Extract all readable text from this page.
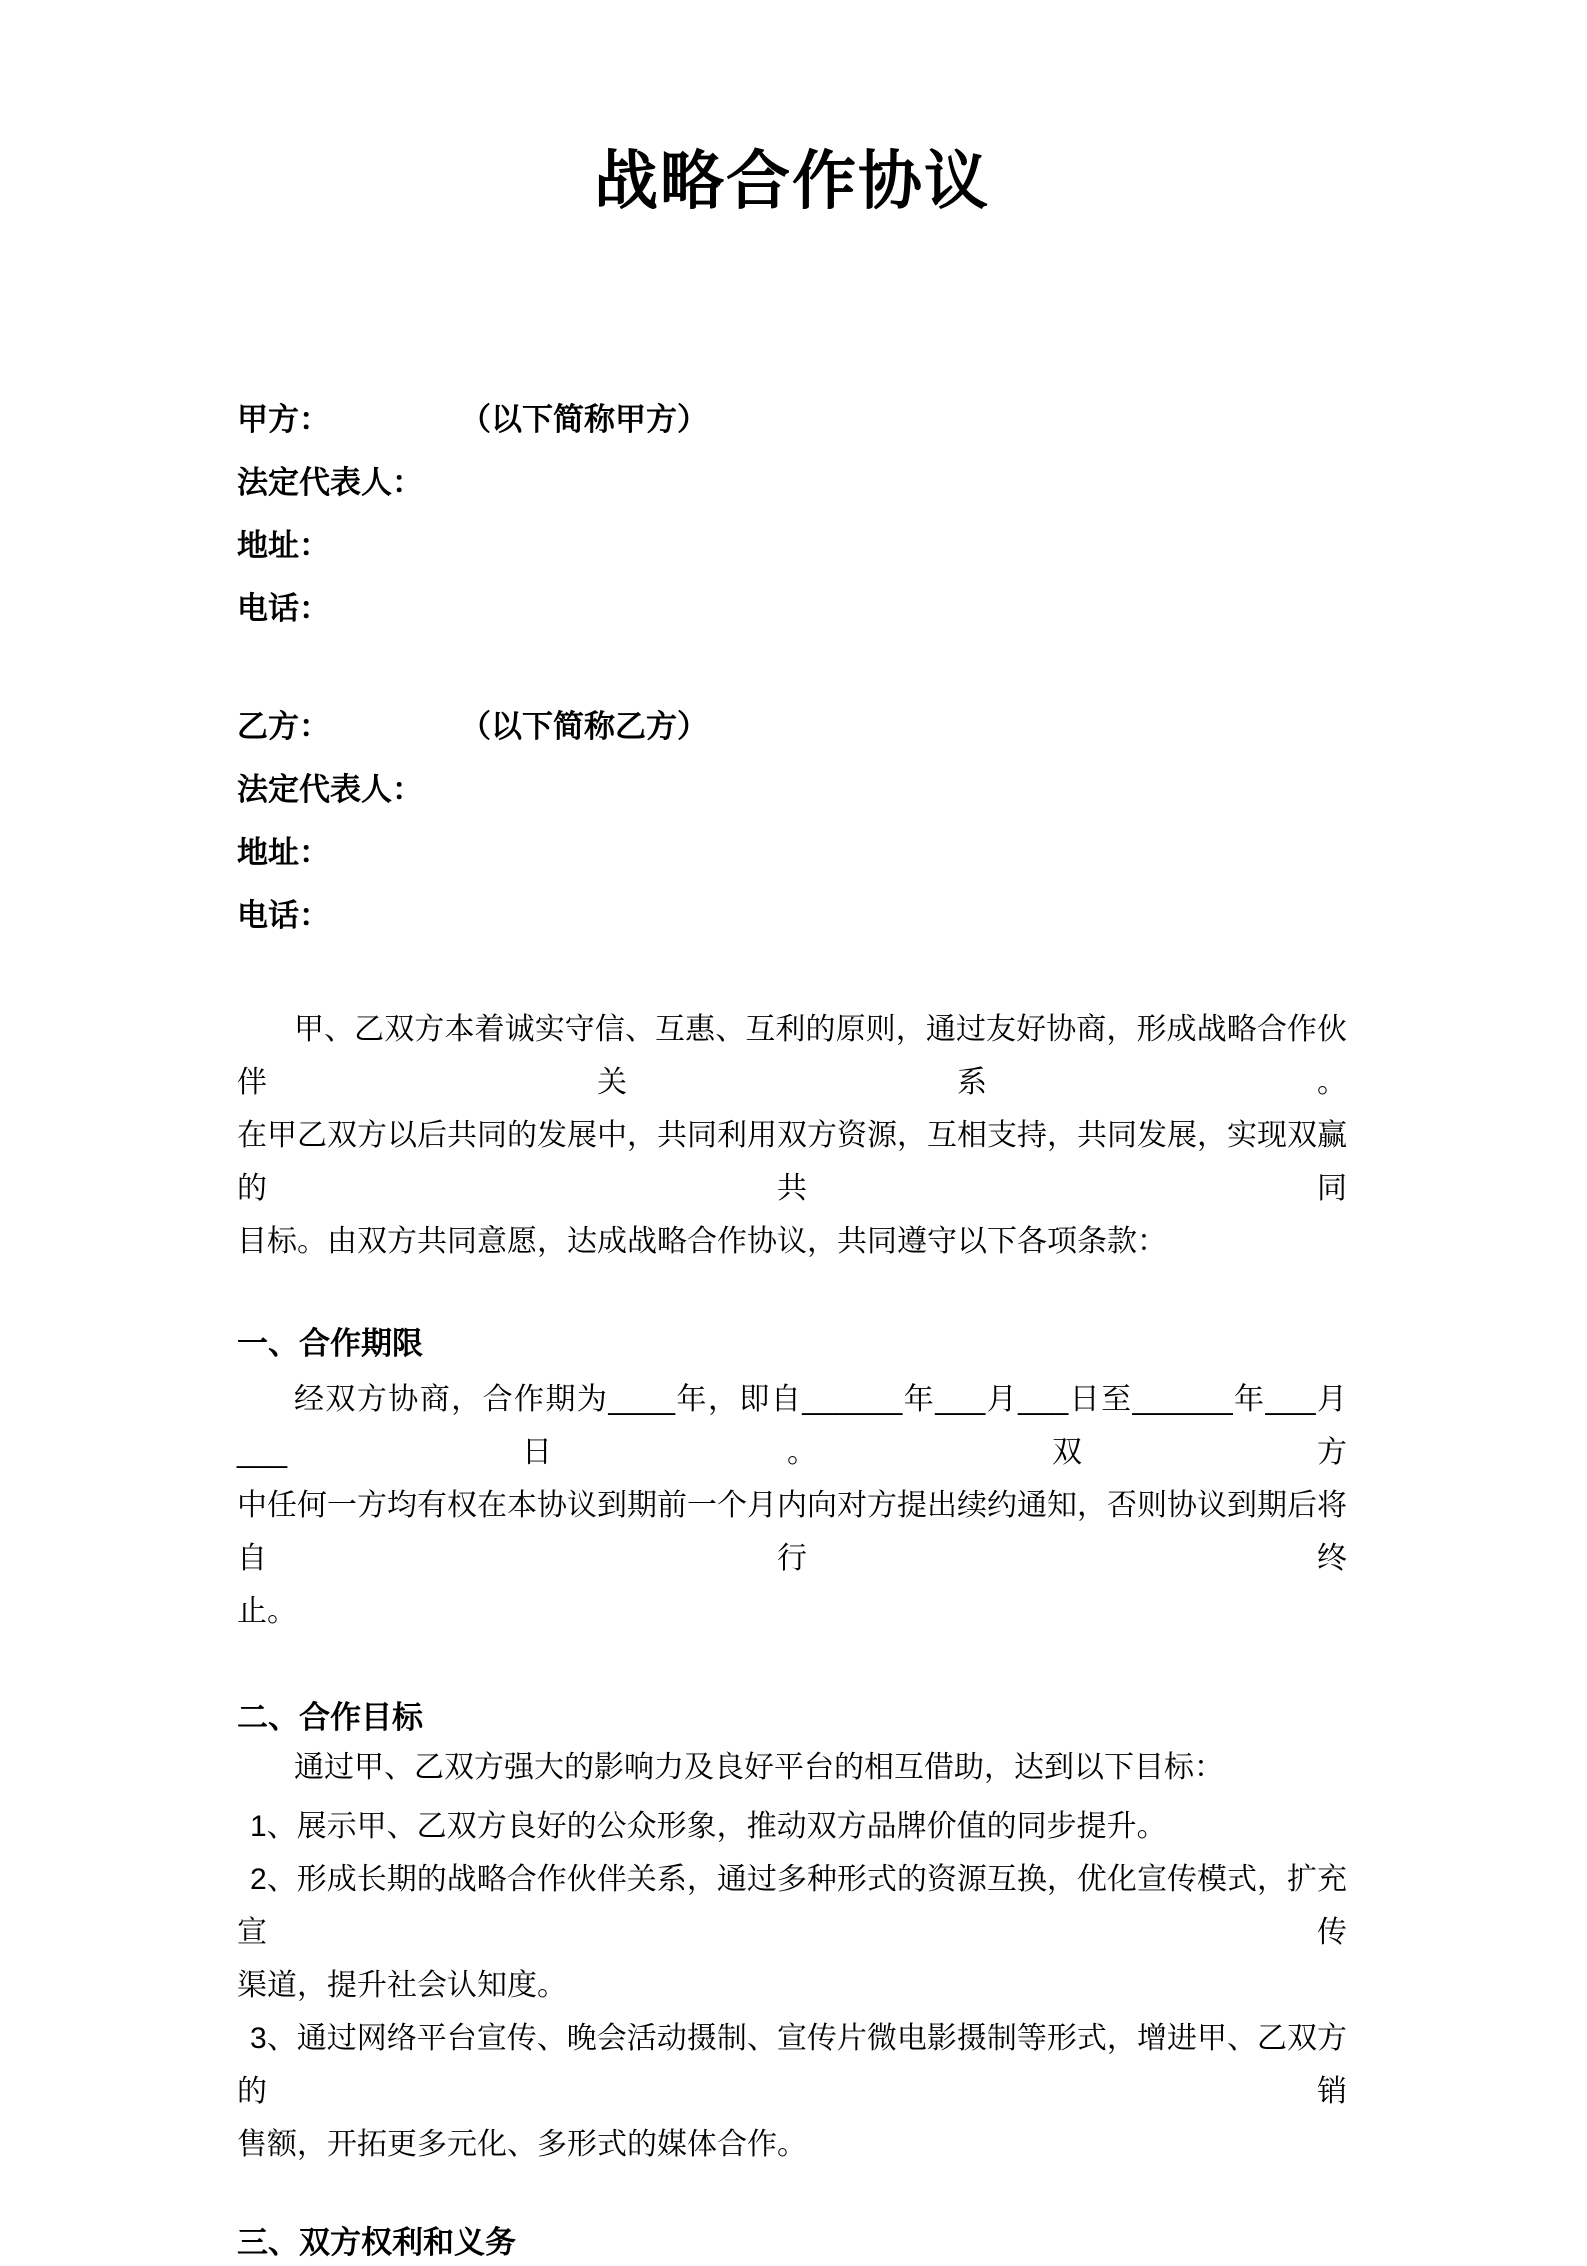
战略合作协议
甲方：	（以下简称甲方）
法定代表人：
地址：
电话：
乙方：	（以下简称乙方）
法定代表人：
地址：
电话：
甲、乙双方本着诚实守信、互惠、互利的原则，通过友好协商，形成战略合作伙伴关系。
在甲乙双方以后共同的发展中，共同利用双方资源，互相支持，共同发展，实现双赢的共同
目标。由双方共同意愿，达成战略合作协议，共同遵守以下各项条款：
一、合作期限
经双方协商，合作期为____年，即自______年___月___日至______年___月___日。双方
中任何一方均有权在本协议到期前一个月内向对方提出续约通知，否则协议到期后将自行终
止。
二、合作目标
通过甲、乙双方强大的影响力及良好平台的相互借助，达到以下目标：
1、展示甲、乙双方良好的公众形象，推动双方品牌价值的同步提升。
2、形成长期的战略合作伙伴关系，通过多种形式的资源互换，优化宣传模式，扩充宣传
渠道，提升社会认知度。
3、通过网络平台宣传、晚会活动摄制、宣传片微电影摄制等形式，增进甲、乙双方的销
售额，开拓更多元化、多形式的媒体合作。
三、双方权利和义务
